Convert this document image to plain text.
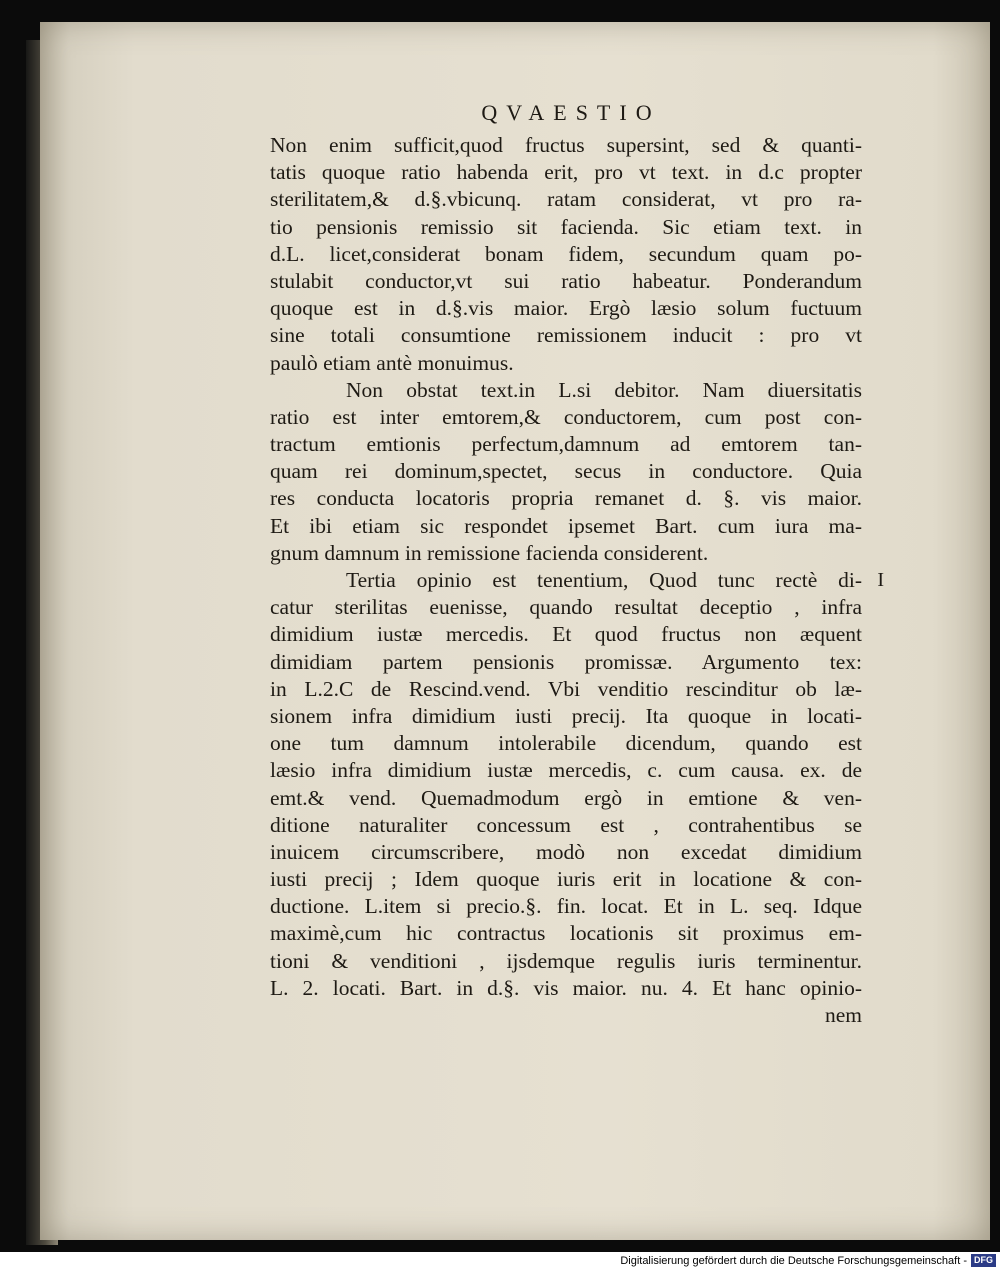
QVAESTIO
Non enim sufficit,quod fructus supersint, sed & quanti-
tatis quoque ratio habenda erit, pro vt text. in d.c propter
sterilitatem,& d.§.vbicunq. ratam considerat, vt pro ra-
tio pensionis remissio sit facienda. Sic etiam text. in
d.L. licet,considerat bonam fidem, secundum quam po-
stulabit conductor,vt sui ratio habeatur. Ponderandum
quoque est in d.§.vis maior. Ergò læsio solum fuctuum
sine totali consumtione remissionem inducit : pro vt
paulò etiam antè monuimus.
Non obstat text.in L.si debitor. Nam diuersitatis
ratio est inter emtorem,& conductorem, cum post con-
tractum emtionis perfectum,damnum ad emtorem tan-
quam rei dominum,spectet, secus in conductore. Quia
res conducta locatoris propria remanet d. §. vis maior.
Et ibi etiam sic respondet ipsemet Bart. cum iura ma-
gnum damnum in remissione facienda considerent.
Tertia opinio est tenentium, Quod tunc rectè di- I
catur sterilitas euenisse, quando resultat deceptio , infra
dimidium iustæ mercedis. Et quod fructus non æquent
dimidiam partem pensionis promissæ. Argumento tex:
in L.2.C de Rescind.vend. Vbi venditio rescinditur ob læ-
sionem infra dimidium iusti precij. Ita quoque in locati-
one tum damnum intolerabile dicendum, quando est
læsio infra dimidium iustæ mercedis, c. cum causa. ex. de
emt.& vend. Quemadmodum ergò in emtione & ven-
ditione naturaliter concessum est , contrahentibus se
inuicem circumscribere, modò non excedat dimidium
iusti precij ; Idem quoque iuris erit in locatione & con-
ductione. L.item si precio.§. fin. locat. Et in L. seq. Idque
maximè,cum hic contractus locationis sit proximus em-
tioni & venditioni , ijsdemque regulis iuris terminentur.
L. 2. locati. Bart. in d.§. vis maior. nu. 4. Et hanc opinio-
nem
Digitalisierung gefördert durch die Deutsche Forschungsgemeinschaft - DFG
